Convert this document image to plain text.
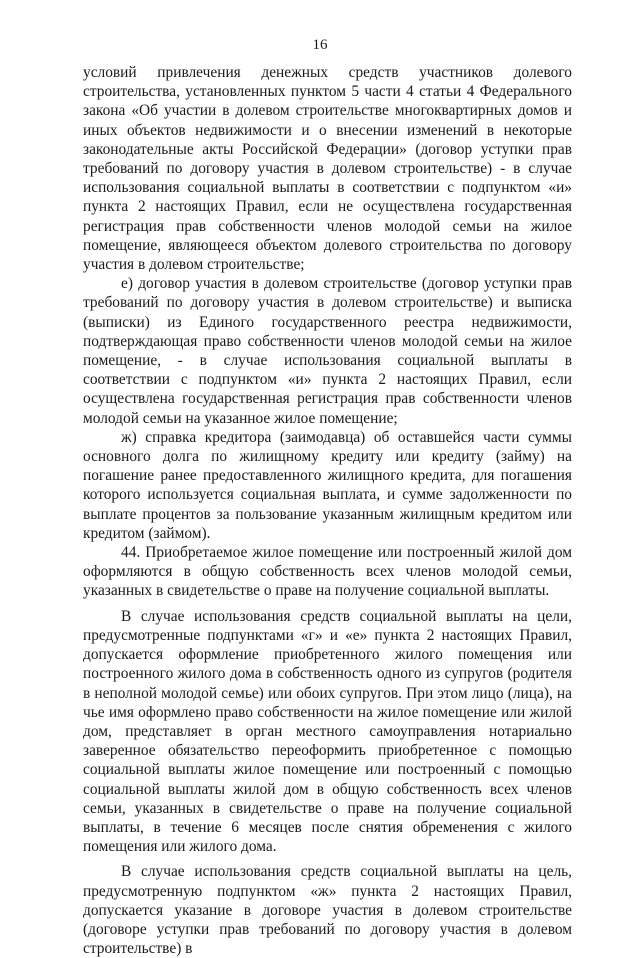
16

условий привлечения денежных средств участников долевого строительства, установленных пунктом 5 части 4 статьи 4 Федерального закона «Об участии в долевом строительстве многоквартирных домов и иных объектов недвижимости и о внесении изменений в некоторые законодательные акты Российской Федерации» (договор уступки прав требований по договору участия в долевом строительстве) - в случае использования социальной выплаты в соответствии с подпунктом «и» пункта 2 настоящих Правил, если не осуществлена государственная регистрация прав собственности членов молодой семьи на жилое помещение, являющееся объектом долевого строительства по договору участия в долевом строительстве;

е) договор участия в долевом строительстве (договор уступки прав требований по договору участия в долевом строительстве) и выписка (выписки) из Единого государственного реестра недвижимости, подтверждающая право собственности членов молодой семьи на жилое помещение, - в случае использования социальной выплаты в соответствии с подпунктом «и» пункта 2 настоящих Правил, если осуществлена государственная регистрация прав собственности членов молодой семьи на указанное жилое помещение;

ж) справка кредитора (заимодавца) об оставшейся части суммы основного долга по жилищному кредиту или кредиту (займу) на погашение ранее предоставленного жилищного кредита, для погашения которого используется социальная выплата, и сумме задолженности по выплате процентов за пользование указанным жилищным кредитом или кредитом (займом).

44. Приобретаемое жилое помещение или построенный жилой дом оформляются в общую собственность всех членов молодой семьи, указанных в свидетельстве о праве на получение социальной выплаты.

В случае использования средств социальной выплаты на цели, предусмотренные подпунктами «г» и «е» пункта 2 настоящих Правил, допускается оформление приобретенного жилого помещения или построенного жилого дома в собственность одного из супругов (родителя в неполной молодой семье) или обоих супругов. При этом лицо (лица), на чье имя оформлено право собственности на жилое помещение или жилой дом, представляет в орган местного самоуправления нотариально заверенное обязательство переоформить приобретенное с помощью социальной выплаты жилое помещение или построенный с помощью социальной выплаты жилой дом в общую собственность всех членов семьи, указанных в свидетельстве о праве на получение социальной выплаты, в течение 6 месяцев после снятия обременения с жилого помещения или жилого дома.

В случае использования средств социальной выплаты на цель, предусмотренную подпунктом «ж» пункта 2 настоящих Правил, допускается указание в договоре участия в долевом строительстве (договоре уступки прав требований по договору участия в долевом строительстве) в
